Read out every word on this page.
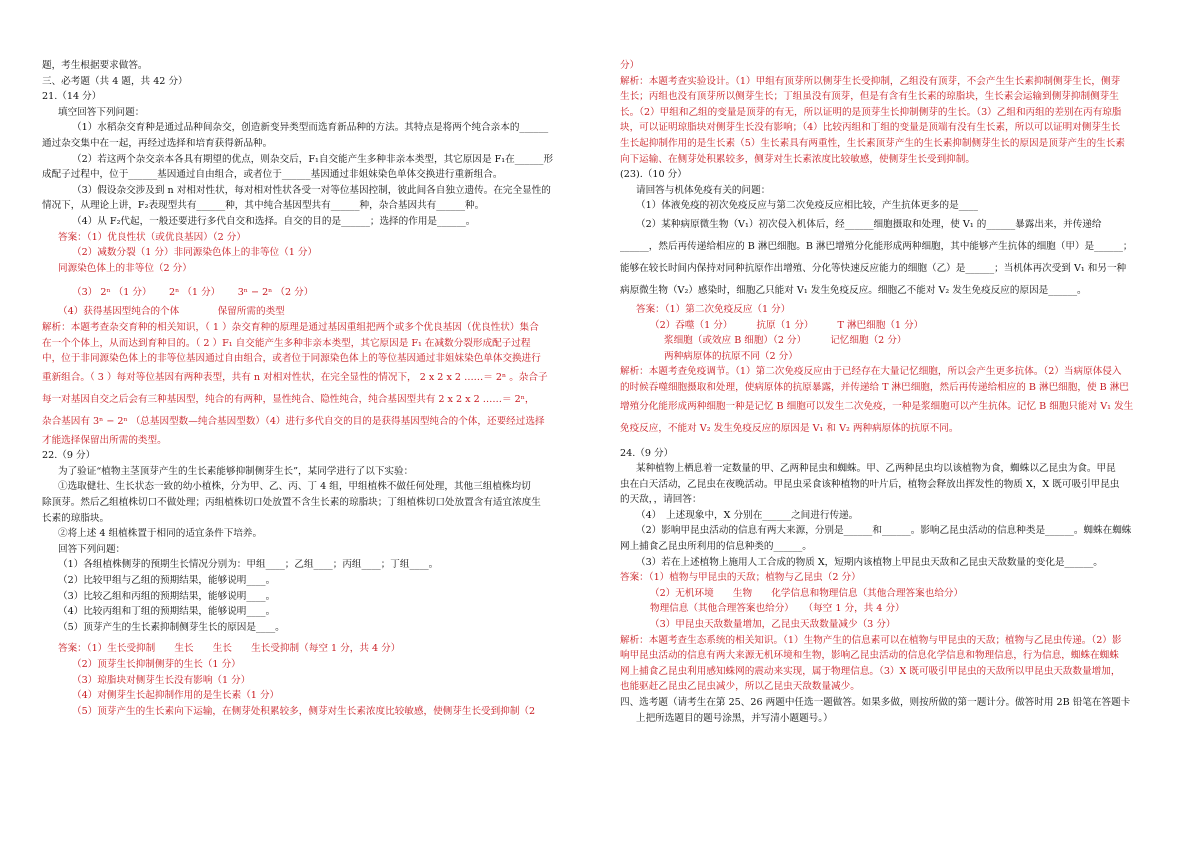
题，考生根据要求做答。

三、必考题（共 4 题，共 42 分）

21.（14 分）

填空回答下列问题：

（1）水稻杂交育种是通过品种间杂交，创造新变异类型而选育新品种的方法。其特点是将两个纯合亲本的______

通过杂交集中在一起，再经过选择和培育获得新品种。

（2）若这两个杂交亲本各具有期望的优点，则杂交后，F₁自交能产生多种非亲本类型，其它原因是 F₁在______形

成配子过程中，位于______基因通过自由组合，或者位于______基因通过非姐妹染色单体交换进行重新组合。

（3）假设杂交涉及到 n 对相对性状，每对相对性状各受一对等位基因控制，彼此间各自独立遗传。在完全显性的

情况下，从理论上讲，F₂表现型共有______种，其中纯合基因型共有______种，杂合基因共有______种。

（4）从 F₂代起，一般还要进行多代自交和选择。自交的目的是______；选择的作用是______。

答案：（1）优良性状（或优良基因）（2 分）

（2）减数分裂（1 分）非同源染色体上的非等位（1 分）

同源染色体上的非等位（2 分）

（3） 2ⁿ （1 分）　　 2ⁿ （1 分）　　 3ⁿ − 2ⁿ （2 分）

（4）获得基因型纯合的个体　　　　保留所需的类型

解析：本题考查杂交育种的相关知识，（ 1 ）杂交育种的原理是通过基因重组把两个或多个优良基因（优良性状）集合

在一个个体上，从而达到育种目的。（ 2 ）F₁ 自交能产生多种非亲本类型，其它原因是 F₁ 在减数分裂形成配子过程

中，位于非同源染色体上的非等位基因通过自由组合，或者位于同源染色体上的等位基因通过非姐妹染色单体交换进行

重新组合。（ 3 ）每对等位基因有两种表型，共有 n 对相对性状，在完全显性的情况下， 2 x 2 x 2 ……＝ 2ⁿ 。杂合子

每一对基因自交之后会有三种基因型，纯合的有两种，显性纯合、隐性纯合，纯合基因型共有 2 x 2 x 2 ……＝ 2ⁿ，

杂合基因有 3ⁿ − 2ⁿ （总基因型数—纯合基因型数）（4）进行多代自交的目的是获得基因型纯合的个体，还要经过选择

才能选择保留出所需的类型。

22.（9 分）

为了验证“植物主茎顶芽产生的生长素能够抑制侧芽生长”，某同学进行了以下实验：

①选取健壮、生长状态一致的幼小植株，分为甲、乙、丙、丁 4 组，甲组植株不做任何处理，其他三组植株均切

除顶芽。然后乙组植株切口不做处理；丙组植株切口处放置不含生长素的琼脂块；丁组植株切口处放置含有适宜浓度生

长素的琼脂块。

②将上述 4 组植株置于相同的适宜条件下培养。

回答下列问题：

（1）各组植株侧芽的预期生长情况分别为：甲组____；乙组____；丙组____；丁组____。

（2）比较甲组与乙组的预期结果，能够说明____。

（3）比较乙组和丙组的预期结果，能够说明____。

（4）比较丙组和丁组的预期结果，能够说明____。

（5）顶芽产生的生长素抑制侧芽生长的原因是____。

答案：（1）生长受抑制　　生长　　生长　　生长受抑制（每空 1 分，共 4 分）

（2）顶芽生长抑制侧芽的生长（1 分）

（3）琼脂块对侧芽生长没有影响（1 分）

（4）对侧芽生长起抑制作用的是生长素（1 分）

（5）顶芽产生的生长素向下运输，在侧芽处积累较多，侧芽对生长素浓度比较敏感，使侧芽生长受到抑制（2

分）

解析：本题考查实验设计。（1）甲组有顶芽所以侧芽生长受抑制，乙组没有顶芽，不会产生生长素抑制侧芽生长，侧芽

生长；丙组也没有顶芽所以侧芽生长；丁组虽没有顶芽，但是有含有生长素的琼脂块，生长素会运输到侧芽抑制侧芽生

长。（2）甲组和乙组的变量是顶芽的有无，所以证明的是顶芽生长抑制侧芽的生长。（3）乙组和丙组的差别在丙有琼脂

块，可以证明琼脂块对侧芽生长没有影响；（4）比较丙组和丁组的变量是顶端有没有生长素，所以可以证明对侧芽生长

生长起抑制作用的是生长素（5）生长素具有两重性，生长素顶芽产生的生长素抑制侧芽生长的原因是顶芽产生的生长素

向下运输、在侧芽处积累较多，侧芽对生长素浓度比较敏感，使侧芽生长受到抑制。

(23).（10 分）

请回答与机体免疫有关的问题：

（1）体液免疫的初次免疫反应与第二次免疫反应相比较，产生抗体更多的是____

（2）某种病原微生物（V₁）初次侵入机体后，经______细胞摄取和处理，使 V₁ 的______暴露出来，并传递给

______，然后再传递给相应的 B 淋巴细胞。B 淋巴增殖分化能形成两种细胞，其中能够产生抗体的细胞（甲）是______；

能够在较长时间内保持对同种抗原作出增殖、分化等快速反应能力的细胞（乙）是______；当机体再次受到 V₁ 和另一种

病原微生物（V₂）感染时，细胞乙只能对 V₁ 发生免疫反应。细胞乙不能对 V₂ 发生免疫反应的原因是______。

答案：（1）第二次免疫反应（1 分）

（2）吞噬（1 分）　　　抗原（1 分）　　　T 淋巴细胞（1 分）

浆细胞（或效应 B 细胞）（2 分）　　　记忆细胞（2 分）

两种病原体的抗原不同（2 分）

解析：本题考查免疫调节。（1）第二次免疫反应由于已经存在大量记忆细胞，所以会产生更多抗体。（2）当病原体侵入

的时候吞噬细胞摄取和处理，使病原体的抗原暴露，并传递给 T 淋巴细胞，然后再传递给相应的 B 淋巴细胞，使 B 淋巴

增殖分化能形成两种细胞一种是记忆 B 细胞可以发生二次免疫，一种是浆细胞可以产生抗体。记忆 B 细胞只能对 V₁ 发生

免疫反应，不能对 V₂ 发生免疫反应的原因是 V₁ 和 V₂ 两种病原体的抗原不同。

24.（9 分）

某种植物上栖息着一定数量的甲、乙两种昆虫和蜘蛛。甲、乙两种昆虫均以该植物为食，蜘蛛以乙昆虫为食。甲昆

虫在白天活动，乙昆虫在夜晚活动。甲昆虫采食该种植物的叶片后，植物会释放出挥发性的物质 X，X 既可吸引甲昆虫

的天敌，，请回答：

（4）　上述现象中，X 分别在______之间进行传递。

（2）影响甲昆虫活动的信息有两大来源，分别是______和______。影响乙昆虫活动的信息种类是______。蜘蛛在蜘蛛

网上捕食乙昆虫所利用的信息种类的______。

（3）若在上述植物上施用人工合成的物质 X，短期内该植物上甲昆虫天敌和乙昆虫天敌数量的变化是______。

答案：（1）植物与甲昆虫的天敌；植物与乙昆虫（2 分）

（2）无机环境　　生物　　化学信息和物理信息（其他合理答案也给分）

物理信息（其他合理答案也给分）　　（每空 1 分，共 4 分）

（3）甲昆虫天敌数量增加，乙昆虫天敌数量减少（3 分）

解析：本题考查生态系统的相关知识。（1）生物产生的信息素可以在植物与甲昆虫的天敌；植物与乙昆虫传递。（2）影

响甲昆虫活动的信息有两大来源无机环境和生物，影响乙昆虫活动的信息化学信息和物理信息，行为信息，蜘蛛在蜘蛛

网上捕食乙昆虫利用感知蛛网的震动来实现，属于物理信息。（3）X 既可吸引甲昆虫的天敌所以甲昆虫天敌数量增加，

也能驱赶乙昆虫乙昆虫减少，所以乙昆虫天敌数量减少。

四、选考题（请考生在第 25、26 两题中任选一题做答。如果多做，则按所做的第一题计分。做答时用 2B 铅笔在答题卡

上把所选题目的题号涂黑，并写清小题题号。）
